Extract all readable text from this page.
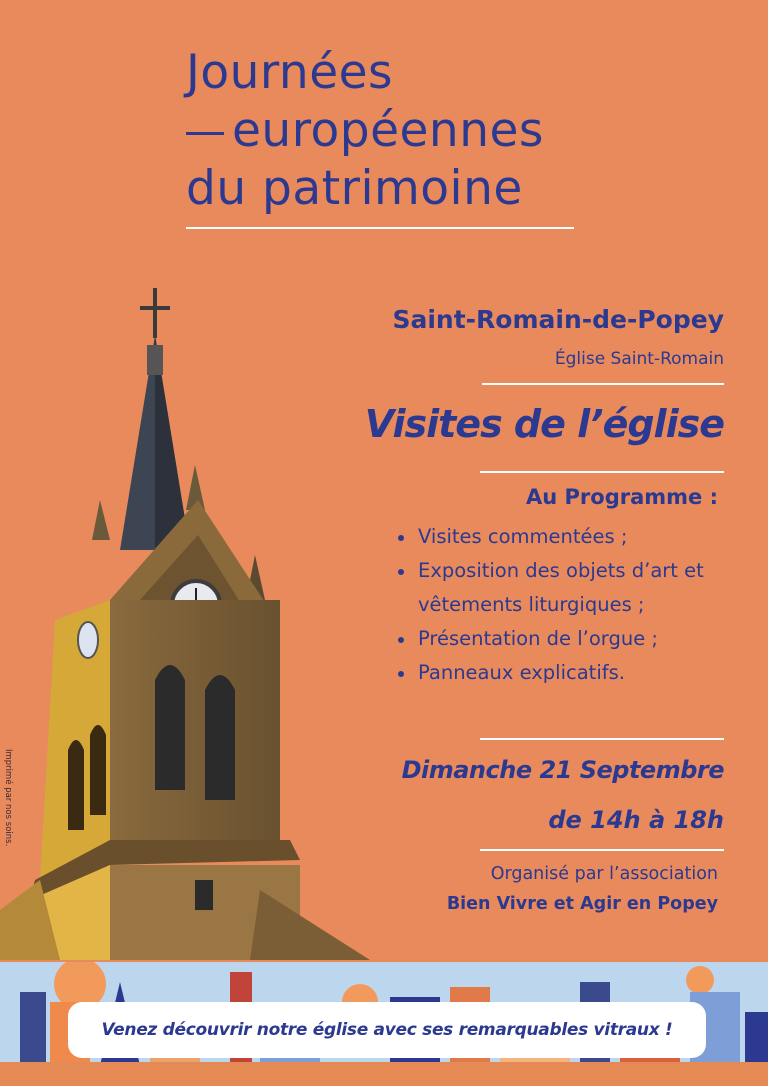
Journées
européennes
du patrimoine
Saint-Romain-de-Popey
Église Saint-Romain
Visites de l’église
Au Programme :
Visites commentées ;
Exposition des objets d’art et vêtements liturgiques ;
Présentation de l’orgue ;
Panneaux explicatifs.
Dimanche 21 Septembre
de 14h à 18h
Organisé par l’association
Bien Vivre et Agir en Popey
Imprimé par nos soins.
Venez découvrir notre église avec ses remarquables vitraux !
